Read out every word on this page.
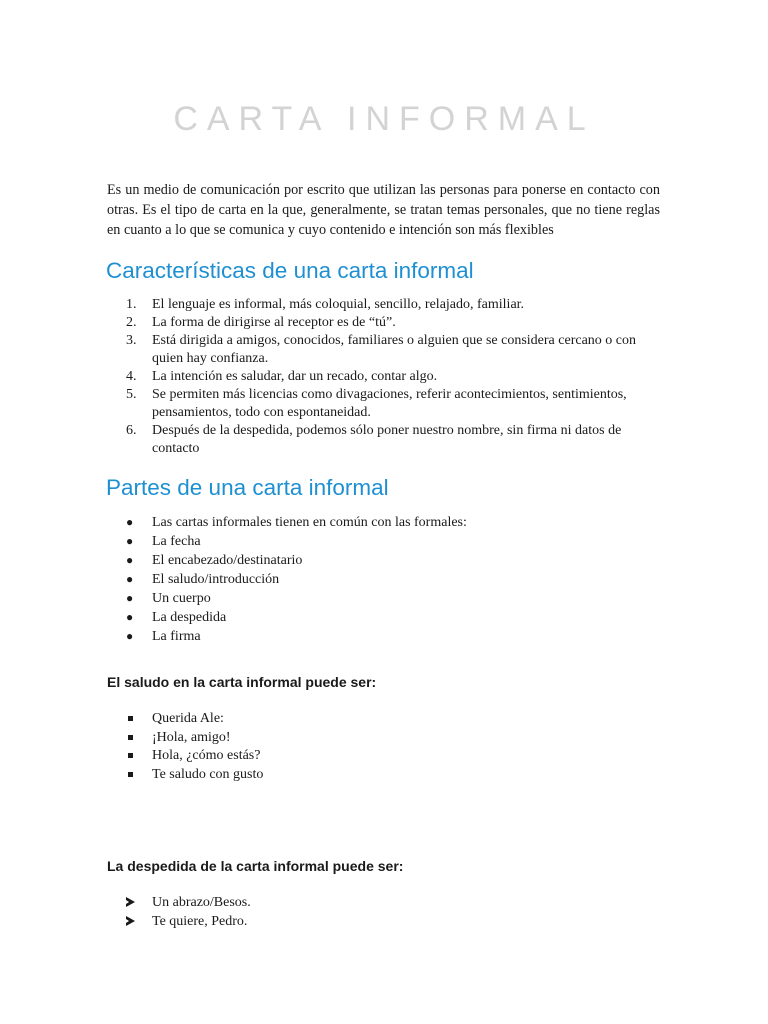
CARTA INFORMAL

Es un medio de comunicación por escrito que utilizan las personas para ponerse en contacto con otras. Es el tipo de carta en la que, generalmente, se tratan temas personales, que no tiene reglas en cuanto a lo que se comunica y cuyo contenido e intención son más flexibles

Características de una carta informal
1. El lenguaje es informal, más coloquial, sencillo, relajado, familiar.
2. La forma de dirigirse al receptor es de “tú”.
3. Está dirigida a amigos, conocidos, familiares o alguien que se considera cercano o con quien hay confianza.
4. La intención es saludar, dar un recado, contar algo.
5. Se permiten más licencias como divagaciones, referir acontecimientos, sentimientos, pensamientos, todo con espontaneidad.
6. Después de la despedida, podemos sólo poner nuestro nombre, sin firma ni datos de contacto
Partes de una carta informal
● Las cartas informales tienen en común con las formales:
● La fecha
● El encabezado/destinatario
● El saludo/introducción
● Un cuerpo
● La despedida
● La firma
El saludo en la carta informal puede ser:
Querida Ale:
¡Hola, amigo!
Hola, ¿cómo estás?
Te saludo con gusto
La despedida de la carta informal puede ser:
Un abrazo/Besos.
Te quiere, Pedro.
